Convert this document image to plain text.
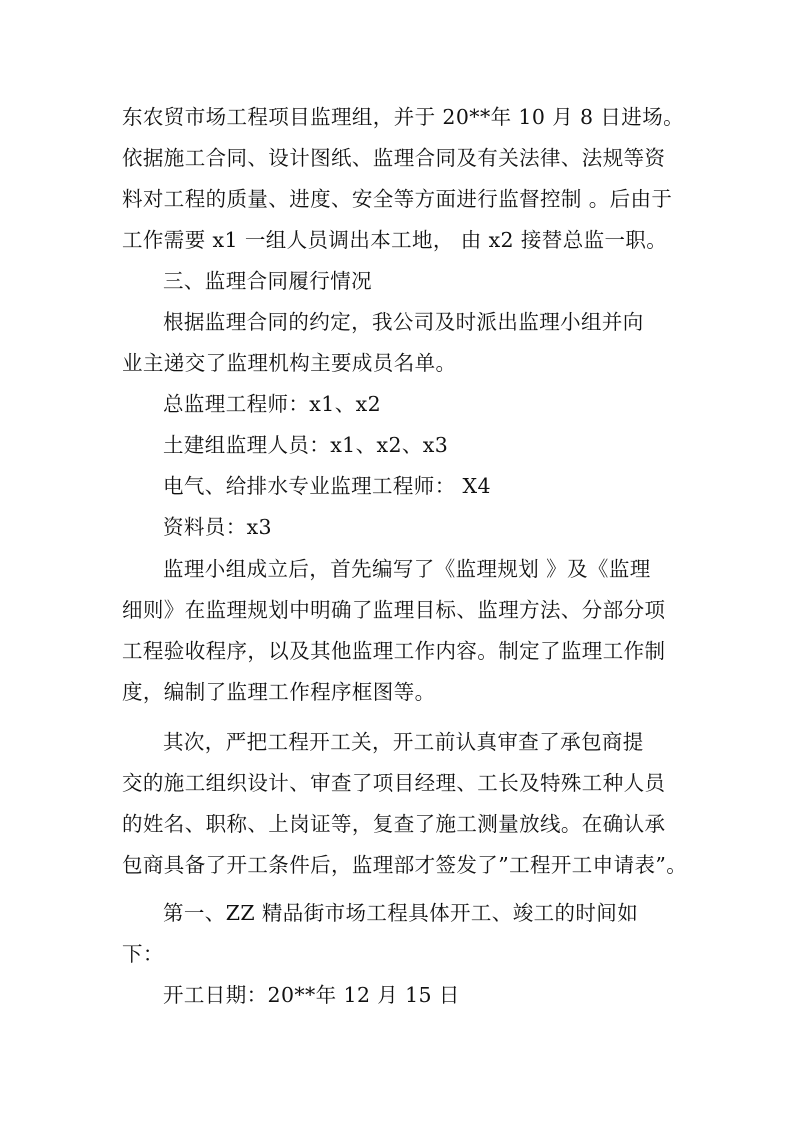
东农贸市场工程项目监理组，并于 20**年 10 月 8 日进场。
依据施工合同、设计图纸、监理合同及有关法律、法规等资
料对工程的质量、进度、安全等方面进行监督控制 。后由于
工作需要 x1 一组人员调出本工地， 由 x2 接替总监一职。
三、监理合同履行情况
根据监理合同的约定，我公司及时派出监理小组并向
业主递交了监理机构主要成员名单。
总监理工程师：x1、x2
土建组监理人员：x1、x2、x3
电气、给排水专业监理工程师： X4
资料员：x3
监理小组成立后，首先编写了《监理规划 》及《监理
细则》在监理规划中明确了监理目标、监理方法、分部分项
工程验收程序，以及其他监理工作内容。制定了监理工作制
度，编制了监理工作程序框图等。
其次，严把工程开工关，开工前认真审查了承包商提
交的施工组织设计、审查了项目经理、工长及特殊工种人员
的姓名、职称、上岗证等，复查了施工测量放线。在确认承
包商具备了开工条件后，监理部才签发了”工程开工申请表”。
第一、ZZ 精品街市场工程具体开工、竣工的时间如
下：
开工日期：20**年 12 月 15 日
